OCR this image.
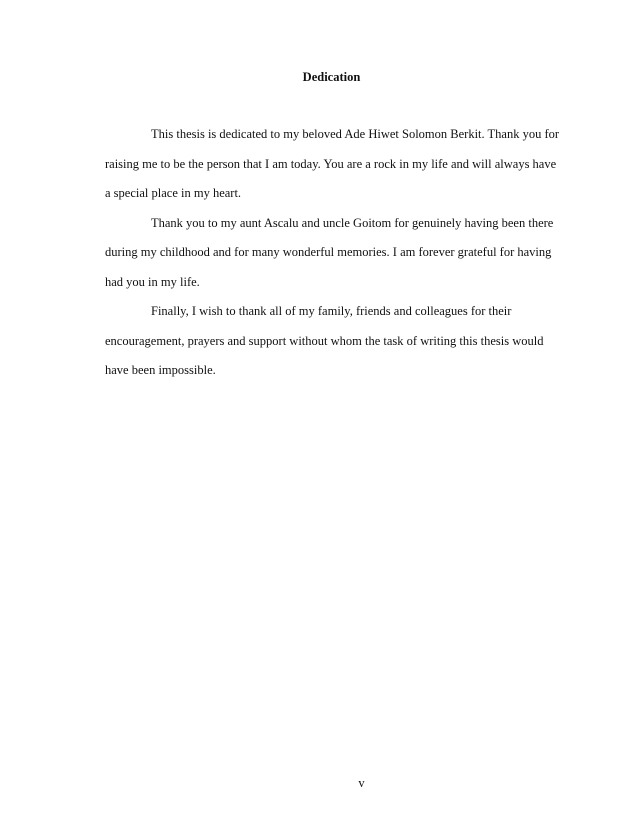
Dedication

This thesis is dedicated to my beloved Ade Hiwet Solomon Berkit. Thank you for raising me to be the person that I am today. You are a rock in my life and will always have a special place in my heart.

Thank you to my aunt Ascalu and uncle Goitom for genuinely having been there during my childhood and for many wonderful memories. I am forever grateful for having had you in my life.

Finally, I wish to thank all of my family, friends and colleagues for their encouragement, prayers and support without whom the task of writing this thesis would have been impossible.

v
